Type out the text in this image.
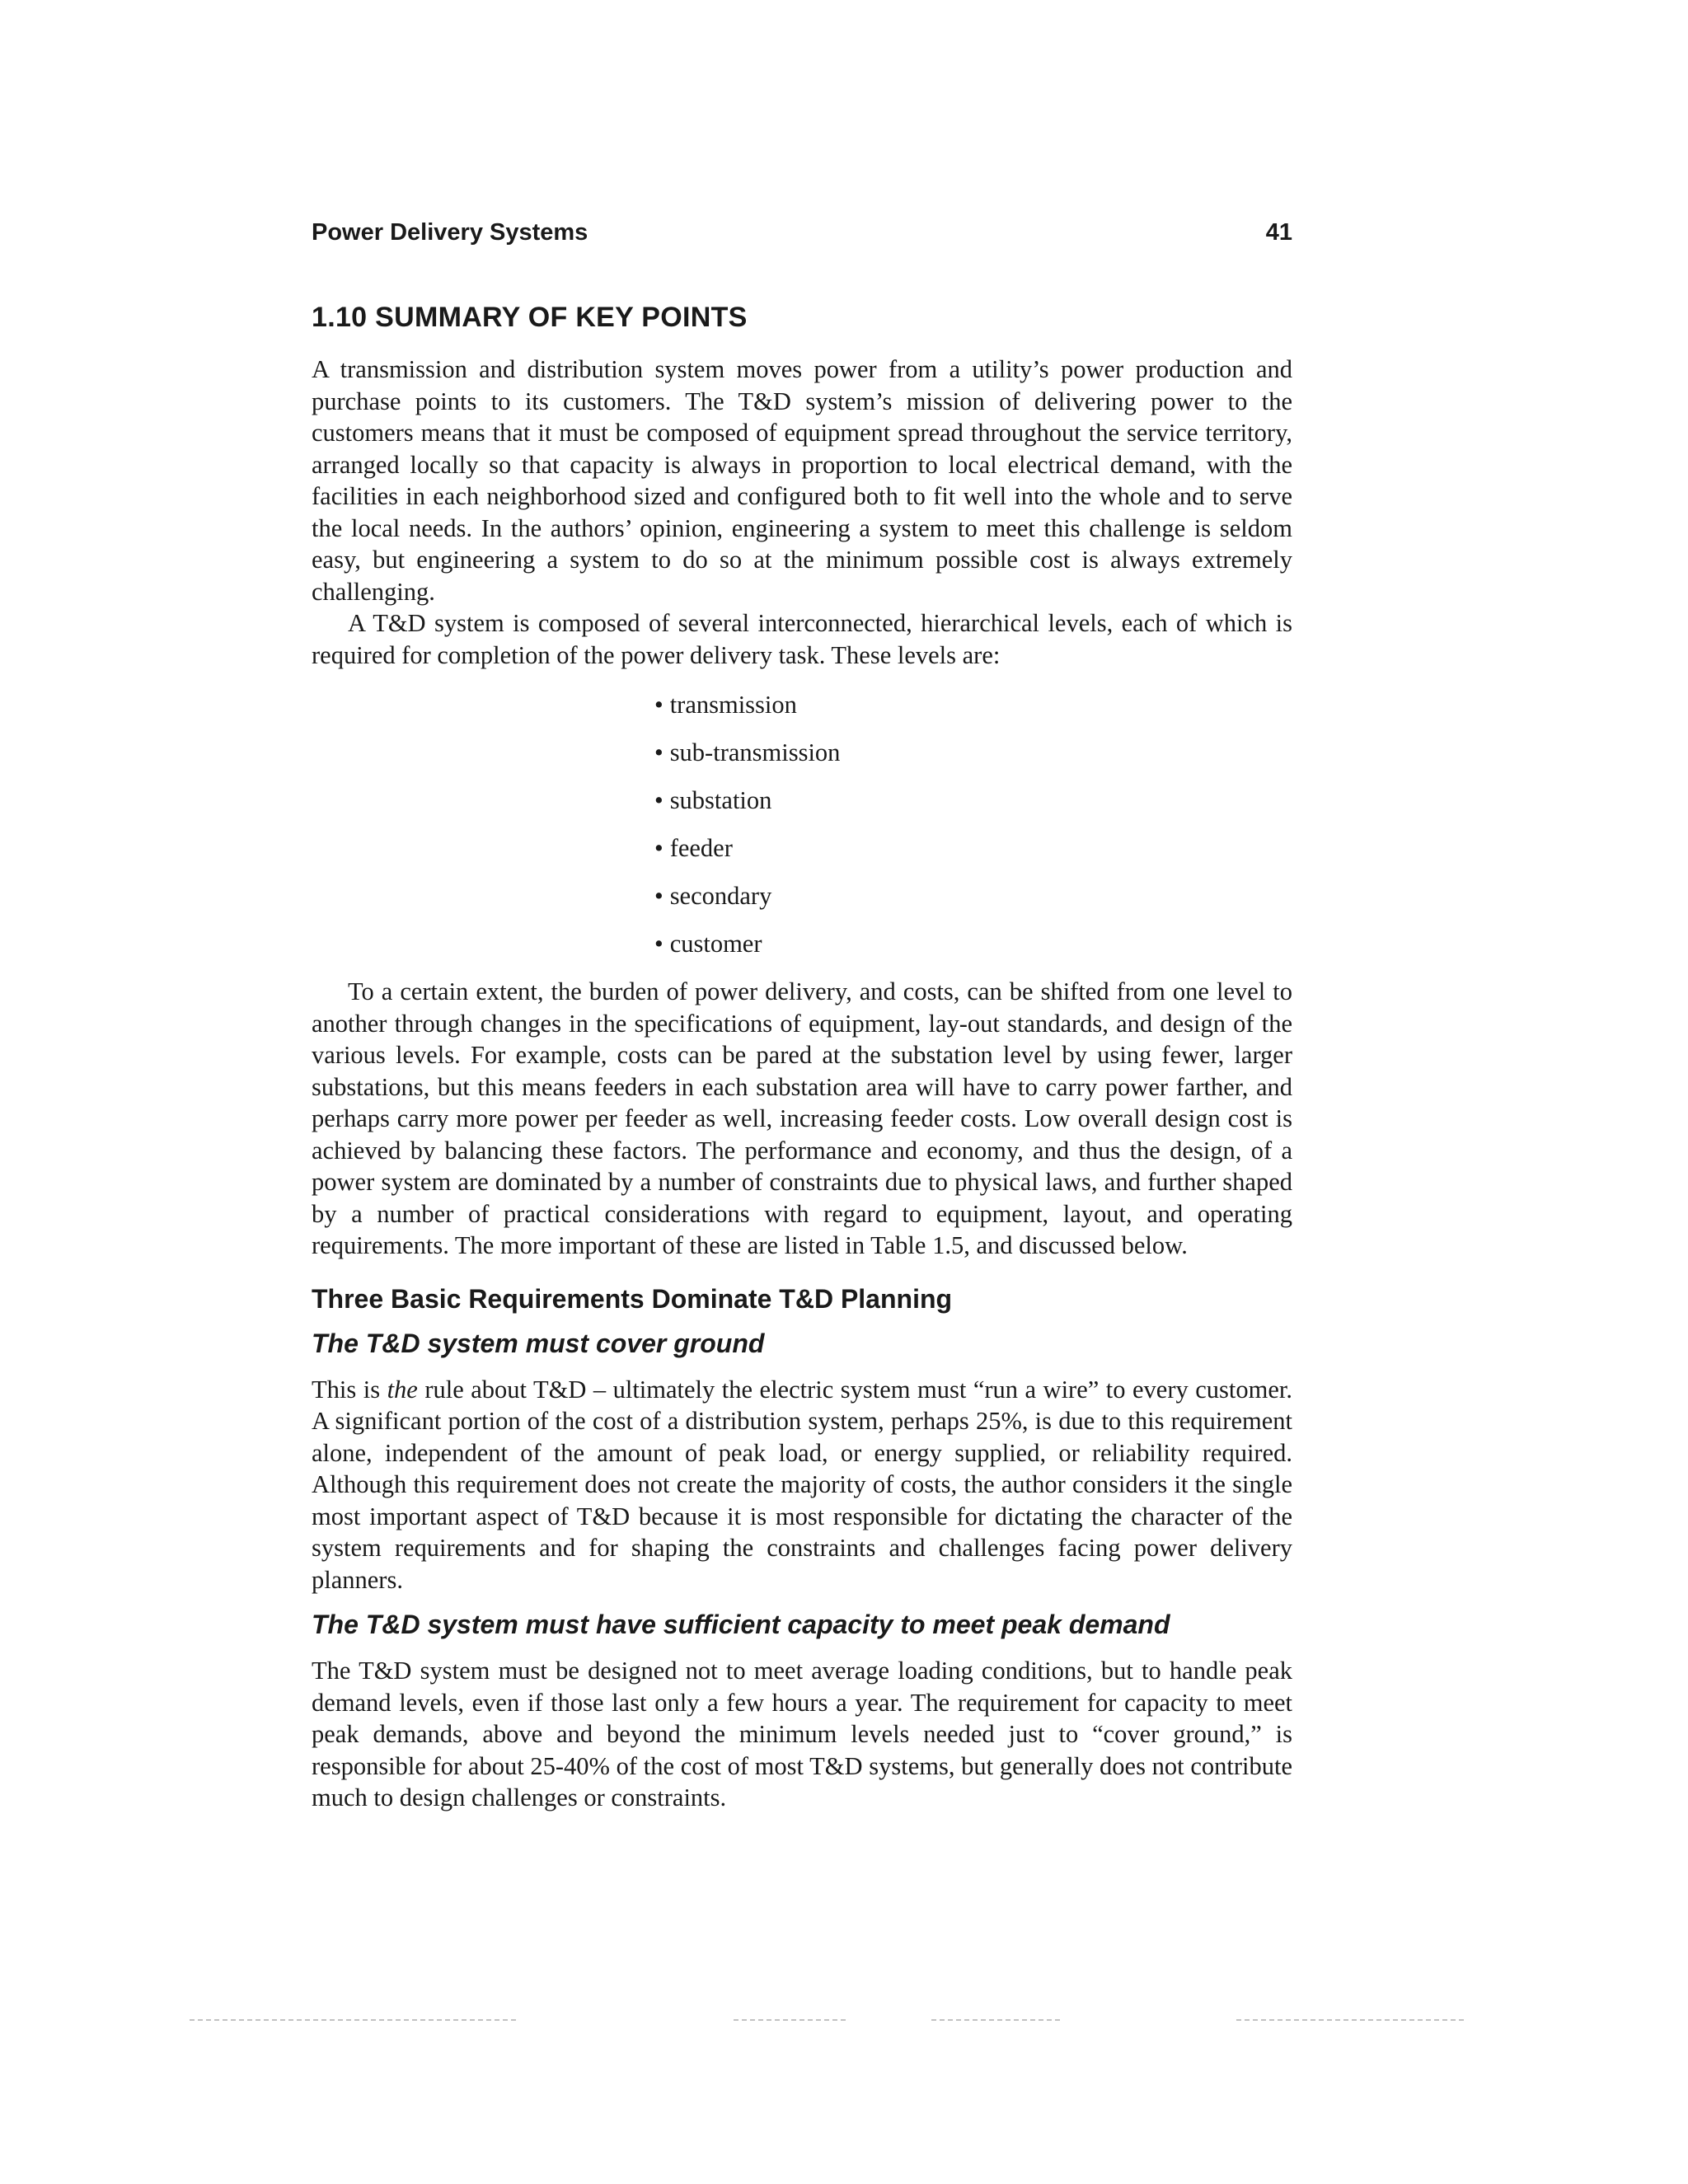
Power Delivery Systems	41
1.10 SUMMARY OF KEY POINTS

A transmission and distribution system moves power from a utility’s power production and purchase points to its customers. The T&D system’s mission of delivering power to the customers means that it must be composed of equipment spread throughout the service territory, arranged locally so that capacity is always in proportion to local electrical demand, with the facilities in each neighborhood sized and configured both to fit well into the whole and to serve the local needs. In the authors’ opinion, engineering a system to meet this challenge is seldom easy, but engineering a system to do so at the minimum possible cost is always extremely challenging.

A T&D system is composed of several interconnected, hierarchical levels, each of which is required for completion of the power delivery task. These levels are:

• transmission
• sub-transmission
• substation
• feeder
• secondary
• customer

To a certain extent, the burden of power delivery, and costs, can be shifted from one level to another through changes in the specifications of equipment, lay-out standards, and design of the various levels. For example, costs can be pared at the substation level by using fewer, larger substations, but this means feeders in each substation area will have to carry power farther, and perhaps carry more power per feeder as well, increasing feeder costs. Low overall design cost is achieved by balancing these factors. The performance and economy, and thus the design, of a power system are dominated by a number of constraints due to physical laws, and further shaped by a number of practical considerations with regard to equipment, layout, and operating requirements. The more important of these are listed in Table 1.5, and discussed below.

Three Basic Requirements Dominate T&D Planning
The T&D system must cover ground

This is the rule about T&D – ultimately the electric system must “run a wire” to every customer. A significant portion of the cost of a distribution system, perhaps 25%, is due to this requirement alone, independent of the amount of peak load, or energy supplied, or reliability required. Although this requirement does not create the majority of costs, the author considers it the single most important aspect of T&D because it is most responsible for dictating the character of the system requirements and for shaping the constraints and challenges facing power delivery planners.

The T&D system must have sufficient capacity to meet peak demand

The T&D system must be designed not to meet average loading conditions, but to handle peak demand levels, even if those last only a few hours a year. The requirement for capacity to meet peak demands, above and beyond the minimum levels needed just to “cover ground,” is responsible for about 25-40% of the cost of most T&D systems, but generally does not contribute much to design challenges or constraints.
